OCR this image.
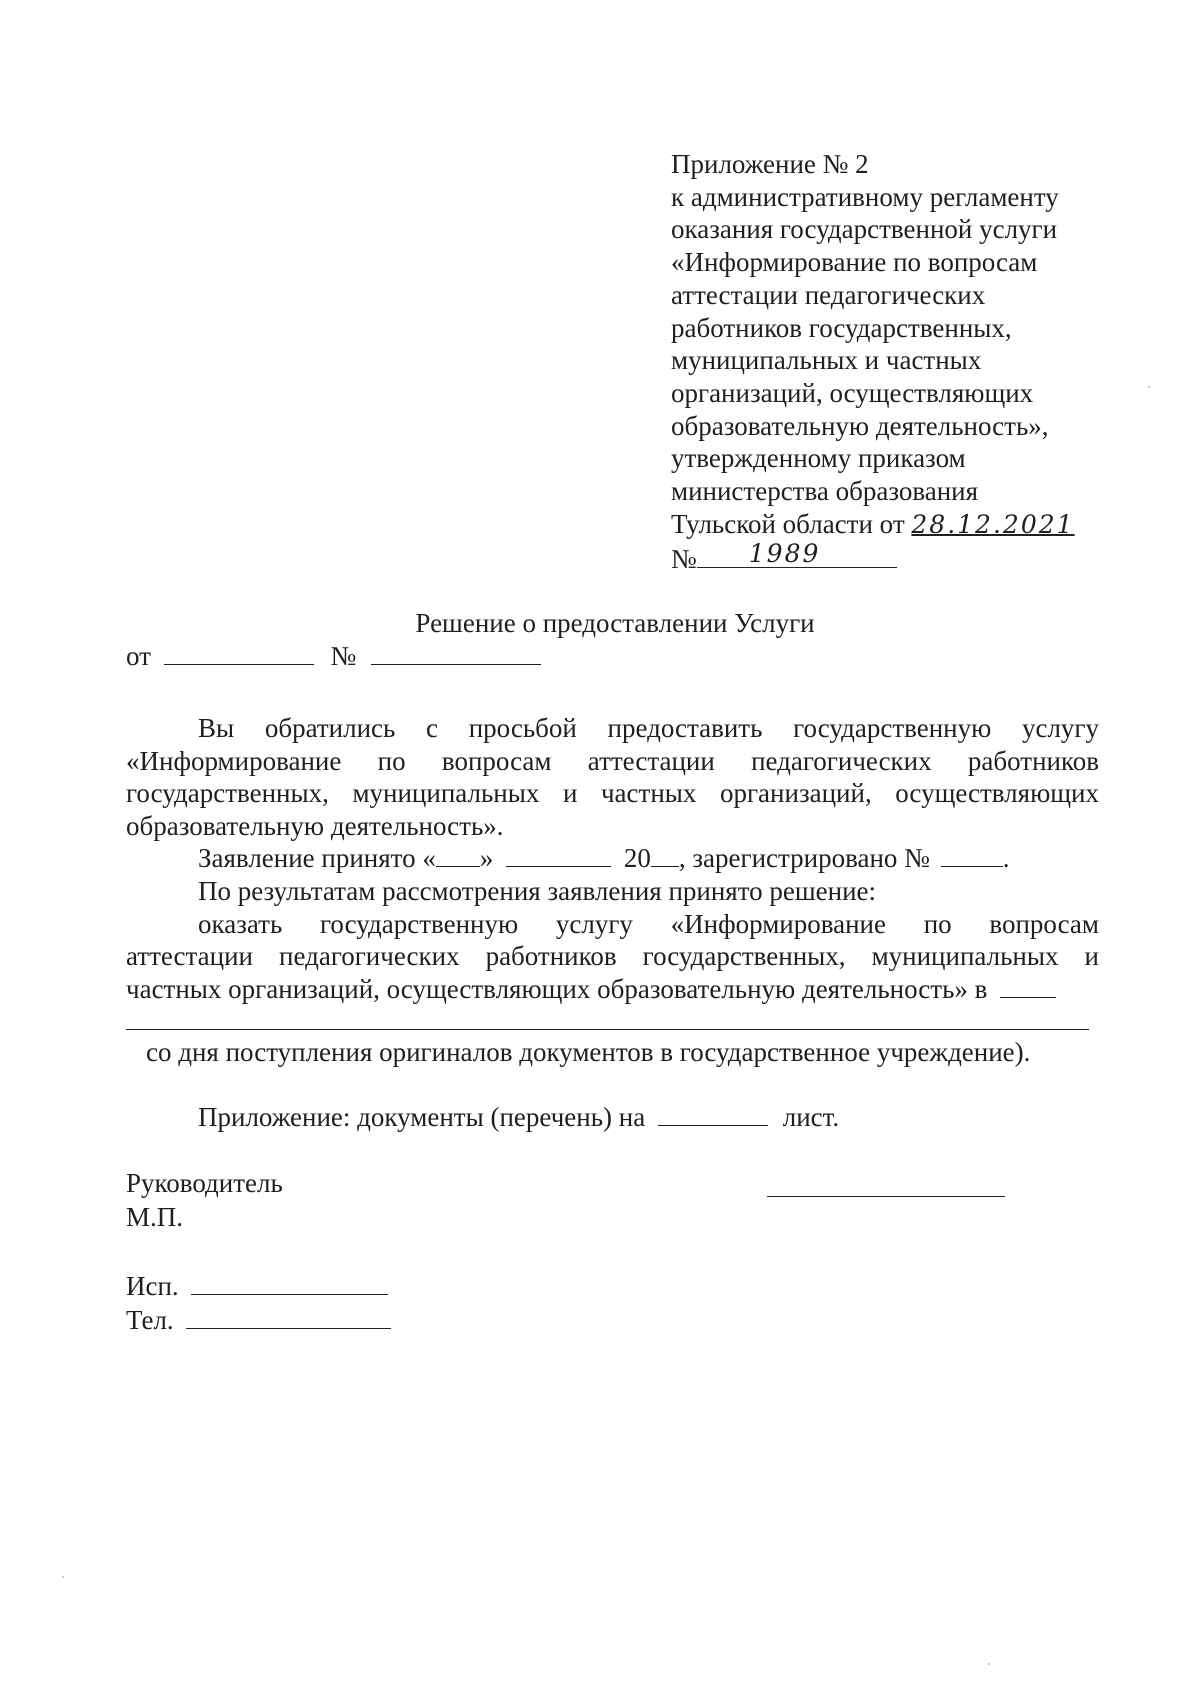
Приложение № 2
к административному регламенту
оказания государственной услуги
«Информирование по вопросам
аттестации педагогических
работников государственных,
муниципальных и частных
организаций, осуществляющих
образовательную деятельность»,
утвержденному приказом
министерства образования
Тульской области от 28.12.2021
№ 1989
Решение о предоставлении Услуги
от	№
Вы обратились с просьбой предоставить государственную услугу
«Информирование по вопросам аттестации педагогических работников
государственных, муниципальных и частных организаций, осуществляющих
образовательную деятельность».
Заявление принято « »	20 , зарегистрировано №	.
По результатам рассмотрения заявления принято решение:
оказать государственную услугу «Информирование по вопросам
аттестации педагогических работников государственных, муниципальных и
частных организаций, осуществляющих образовательную деятельность» в
со дня поступления оригиналов документов в государственное учреждение).
Приложение: документы (перечень) на	лист.
Руководитель
М.П.
Исп.
Тел.
